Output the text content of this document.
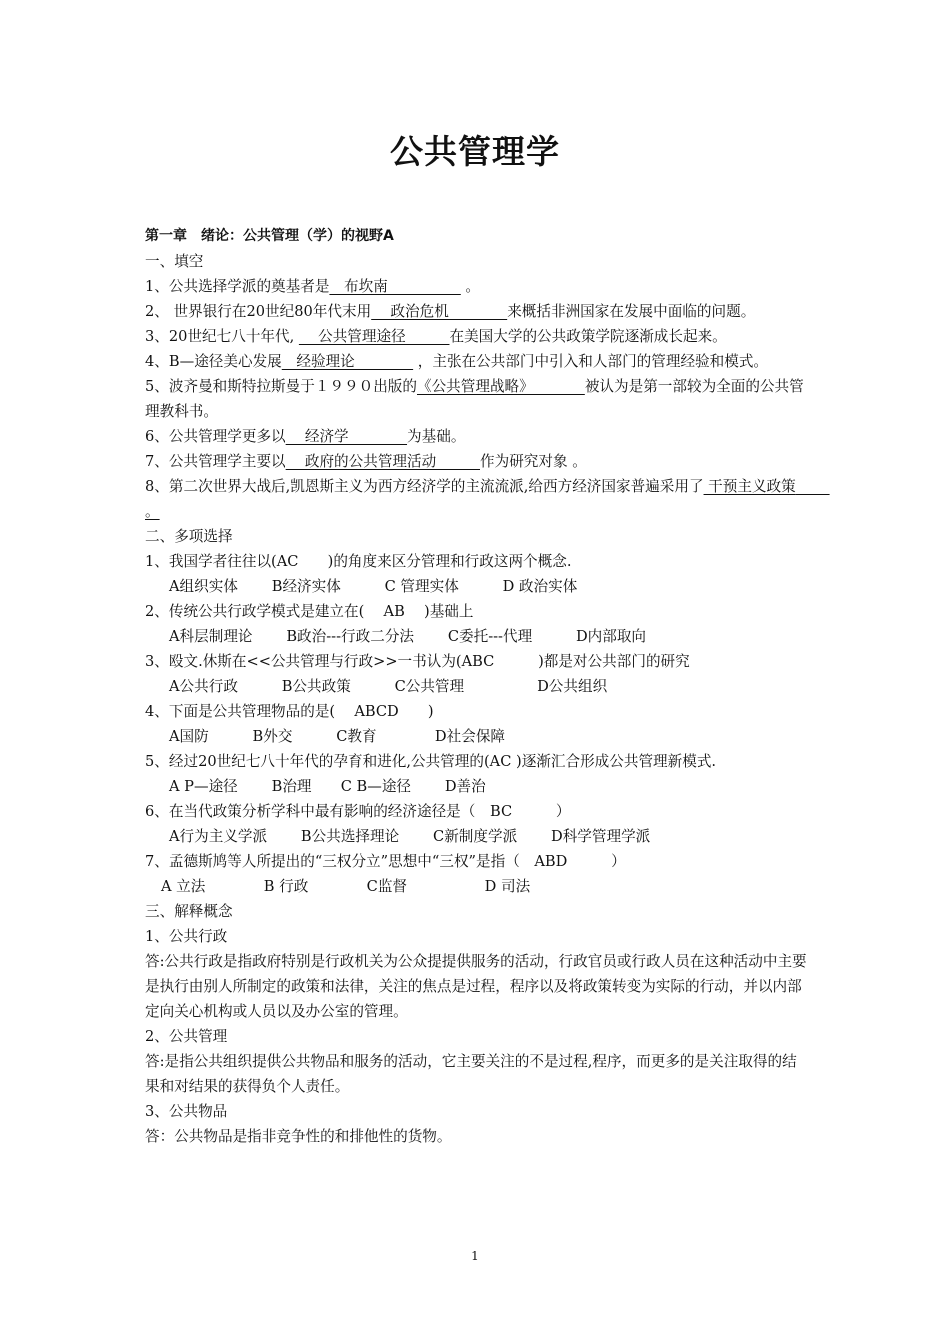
公共管理学

第一章　绪论：公共管理（学）的视野A

一、填空

1、公共选择学派的奠基者是　布坎南　　　　　 。

2、 世界银行在20世纪80年代末用　 政治危机　　　　来概括非洲国家在发展中面临的问题。

3、20世纪七八十年代, 　 公共管理途径　　　在美国大学的公共政策学院逐渐成长起来。

4、B—途径美心发展　经验理论　　　　 ，主张在公共部门中引入和人部门的管理经验和模式。

5、波齐曼和斯特拉斯曼于１９９０出版的《公共管理战略》　　　　被认为是第一部较为全面的公共管理教科书。

6、公共管理学更多以　 经济学　　　　为基础。

7、公共管理学主要以　 政府的公共管理活动　　　作为研究对象 。

8、第二次世界大战后,凯恩斯主义为西方经济学的主流流派,给西方经济国家普遍采用了 干预主义政策　　 。

二、多项选择

1、我国学者往往以(AC　　)的角度来区分管理和行政这两个概念.

A组织实体　　 B经济实体　　　C 管理实体　　　D 政治实体

2、传统公共行政学模式是建立在(　 AB　 )基础上

A科层制理论　　 B政治---行政二分法　　 C委托---代理　　　D内部取向

3、殴文.休斯在<<公共管理与行政>>一书认为(ABC　　　)都是对公共部门的研究

A公共行政　　　B公共政策　　　C公共管理　　　　　D公共组织

4、下面是公共管理物品的是(　 ABCD　　)

A国防　　　B外交　　　C教育　　　　D社会保障

5、经过20世纪七八十年代的孕育和进化,公共管理的(AC )逐渐汇合形成公共管理新模式.

A P—途径　　 B治理　　C B—途径　　 D善治

6、在当代政策分析学科中最有影响的经济途径是（　BC　　　）

A行为主义学派　　 B公共选择理论　　 C新制度学派　　 D科学管理学派

7、孟德斯鸠等人所提出的“三权分立”思想中“三权”是指（　ABD　　　）

A 立法　　　　B 行政　　　　C监督　　　　　 D 司法

三、解释概念

1、公共行政

答:公共行政是指政府特别是行政机关为公众提提供服务的活动，行政官员或行政人员在这种活动中主要是执行由别人所制定的政策和法律，关注的焦点是过程，程序以及将政策转变为实际的行动，并以内部定向关心机构或人员以及办公室的管理。

2、公共管理

答:是指公共组织提供公共物品和服务的活动，它主要关注的不是过程,程序，而更多的是关注取得的结果和对结果的获得负个人责任。

3、公共物品

答：公共物品是指非竞争性的和排他性的货物。

1
